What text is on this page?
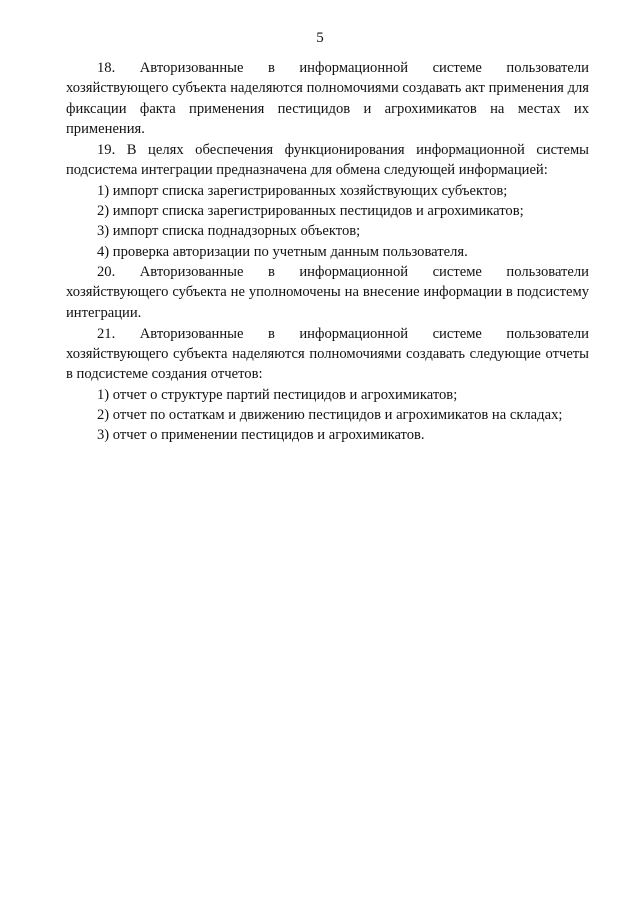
5

18. Авторизованные в информационной системе пользователи хозяйствующего субъекта наделяются полномочиями создавать акт применения для фиксации факта применения пестицидов и агрохимикатов на местах их применения.

19. В целях обеспечения функционирования информационной системы подсистема интеграции предназначена для обмена следующей информацией:

1) импорт списка зарегистрированных хозяйствующих субъектов;

2) импорт списка зарегистрированных пестицидов и агрохимикатов;

3) импорт списка поднадзорных объектов;

4) проверка авторизации по учетным данным пользователя.

20. Авторизованные в информационной системе пользователи хозяйствующего субъекта не уполномочены на внесение информации в подсистему интеграции.

21. Авторизованные в информационной системе пользователи хозяйствующего субъекта наделяются полномочиями создавать следующие отчеты в подсистеме создания отчетов:

1) отчет о структуре партий пестицидов и агрохимикатов;

2) отчет по остаткам и движению пестицидов и агрохимикатов на складах;

3) отчет о применении пестицидов и агрохимикатов.
